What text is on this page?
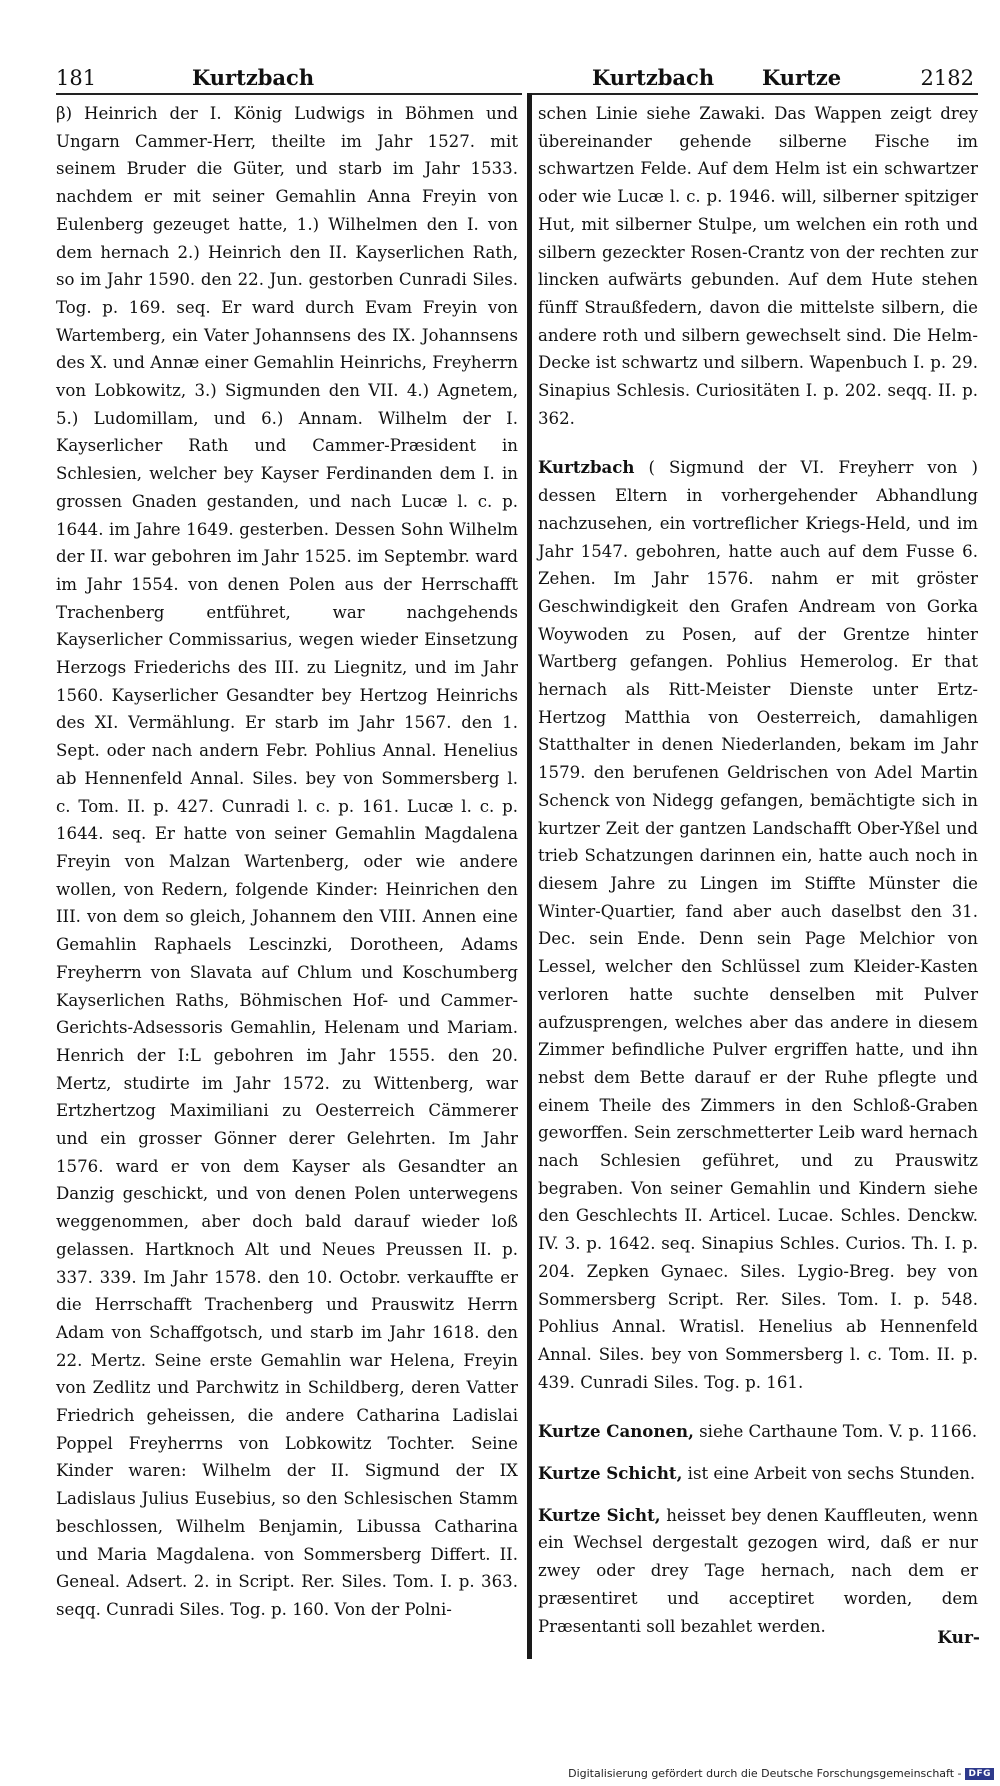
181	Kurtzbach	Kurtzbach Kurtze	2182

β) Heinrich der I. König Ludwigs in Böhmen und Ungarn Cammer-Herr, theilte im Jahr 1527. mit seinem Bruder die Güter, und starb im Jahr 1533. nachdem er mit seiner Gemahlin Anna Freyin von Eulenberg gezeuget hatte, 1.) Wilhelmen den I. von dem hernach 2.) Heinrich den II. Kayserlichen Rath, so im Jahr 1590. den 22. Jun. gestorben Cunradi Siles. Tog. p. 169. seq. Er ward durch Evam Freyin von Wartemberg, ein Vater Johannsens des IX. Johannsens des X. und Annæ einer Gemahlin Heinrichs, Freyherrn von Lobkowitz, 3.) Sigmunden den VII. 4.) Agnetem, 5.) Ludomillam, und 6.) Annam. Wilhelm der I. Kayserlicher Rath und Cammer-Præsident in Schlesien, welcher bey Kayser Ferdinanden dem I. in grossen Gnaden gestanden, und nach Lucæ l. c. p. 1644. im Jahre 1649. gesterben. Dessen Sohn Wilhelm der II. war gebohren im Jahr 1525. im Septembr. ward im Jahr 1554. von denen Polen aus der Herrschafft Trachenberg entführet, war nachgehends Kayserlicher Commissarius, wegen wieder Einsetzung Herzogs Friederichs des III. zu Liegnitz, und im Jahr 1560. Kayserlicher Gesandter bey Hertzog Heinrichs des XI. Vermählung. Er starb im Jahr 1567. den 1. Sept. oder nach andern Febr. Pohlius Annal. Henelius ab Hennenfeld Annal. Siles. bey von Sommersberg l. c. Tom. II. p. 427. Cunradi l. c. p. 161. Lucæ l. c. p. 1644. seq. Er hatte von seiner Gemahlin Magdalena Freyin von Malzan Wartenberg, oder wie andere wollen, von Redern, folgende Kinder: Heinrichen den III. von dem so gleich, Johannem den VIII. Annen eine Gemahlin Raphaels Lescinzki, Dorotheen, Adams Freyherrn von Slavata auf Chlum und Koschumberg Kayserlichen Raths, Böhmischen Hof- und Cammer-Gerichts-Adsessoris Gemahlin, Helenam und Mariam. Henrich der I:L gebohren im Jahr 1555. den 20. Mertz, studirte im Jahr 1572. zu Wittenberg, war Ertzhertzog Maximiliani zu Oesterreich Cämmerer und ein grosser Gönner derer Gelehrten. Im Jahr 1576. ward er von dem Kayser als Gesandter an Danzig geschickt, und von denen Polen unterwegens weggenommen, aber doch bald darauf wieder loß gelassen. Hartknoch Alt und Neues Preussen II. p. 337. 339. Im Jahr 1578. den 10. Octobr. verkauffte er die Herrschafft Trachenberg und Prauswitz Herrn Adam von Schaffgotsch, und starb im Jahr 1618. den 22. Mertz. Seine erste Gemahlin war Helena, Freyin von Zedlitz und Parchwitz in Schildberg, deren Vatter Friedrich geheissen, die andere Catharina Ladislai Poppel Freyherrns von Lobkowitz Tochter. Seine Kinder waren: Wilhelm der II. Sigmund der IX Ladislaus Julius Eusebius, so den Schlesischen Stamm beschlossen, Wilhelm Benjamin, Libussa Catharina und Maria Magdalena. von Sommersberg Differt. II. Geneal. Adsert. 2. in Script. Rer. Siles. Tom. I. p. 363. seqq. Cunradi Siles. Tog. p. 160. Von der Polni-

schen Linie siehe Zawaki. Das Wappen zeigt drey übereinander gehende silberne Fische im schwartzen Felde. Auf dem Helm ist ein schwartzer oder wie Lucæ l. c. p. 1946. will, silberner spitziger Hut, mit silberner Stulpe, um welchen ein roth und silbern gezeckter Rosen-Crantz von der rechten zur lincken aufwärts gebunden. Auf dem Hute stehen fünff Straußfedern, davon die mittelste silbern, die andere roth und silbern gewechselt sind. Die Helm-Decke ist schwartz und silbern. Wapenbuch I. p. 29. Sinapius Schlesis. Curiositäten I. p. 202. seqq. II. p. 362.

Kurtzbach ( Sigmund der VI. Freyherr von ) dessen Eltern in vorhergehender Abhandlung nachzusehen, ein vortreflicher Kriegs-Held, und im Jahr 1547. gebohren, hatte auch auf dem Fusse 6. Zehen. Im Jahr 1576. nahm er mit gröster Geschwindigkeit den Grafen Andream von Gorka Woywoden zu Posen, auf der Grentze hinter Wartberg gefangen. Pohlius Hemerolog. Er that hernach als Ritt-Meister Dienste unter Ertz-Hertzog Matthia von Oesterreich, damahligen Statthalter in denen Niederlanden, bekam im Jahr 1579. den berufenen Geldrischen von Adel Martin Schenck von Nidegg gefangen, bemächtigte sich in kurtzer Zeit der gantzen Landschafft Ober-Yßel und trieb Schatzungen darinnen ein, hatte auch noch in diesem Jahre zu Lingen im Stiffte Münster die Winter-Quartier, fand aber auch daselbst den 31. Dec. sein Ende. Denn sein Page Melchior von Lessel, welcher den Schlüssel zum Kleider-Kasten verloren hatte suchte denselben mit Pulver aufzusprengen, welches aber das andere in diesem Zimmer befindliche Pulver ergriffen hatte, und ihn nebst dem Bette darauf er der Ruhe pflegte und einem Theile des Zimmers in den Schloß-Graben geworffen. Sein zerschmetterter Leib ward hernach nach Schlesien geführet, und zu Prauswitz begraben. Von seiner Gemahlin und Kindern siehe den Geschlechts II. Articel. Lucae. Schles. Denckw. IV. 3. p. 1642. seq. Sinapius Schles. Curios. Th. I. p. 204. Zepken Gynaec. Siles. Lygio-Breg. bey von Sommersberg Script. Rer. Siles. Tom. I. p. 548. Pohlius Annal. Wratisl. Henelius ab Hennenfeld Annal. Siles. bey von Sommersberg l. c. Tom. II. p. 439. Cunradi Siles. Tog. p. 161.

Kurtze Canonen, siehe Carthaune Tom. V. p. 1166.

Kurtze Schicht, ist eine Arbeit von sechs Stunden.

Kurtze Sicht, heisset bey denen Kauffleuten, wenn ein Wechsel dergestalt gezogen wird, daß er nur zwey oder drey Tage hernach, nach dem er præsentiret und acceptiret worden, dem Præsentanti soll bezahlet werden.

Kur-
Digitalisierung gefördert durch die Deutsche Forschungsgemeinschaft - DFG
